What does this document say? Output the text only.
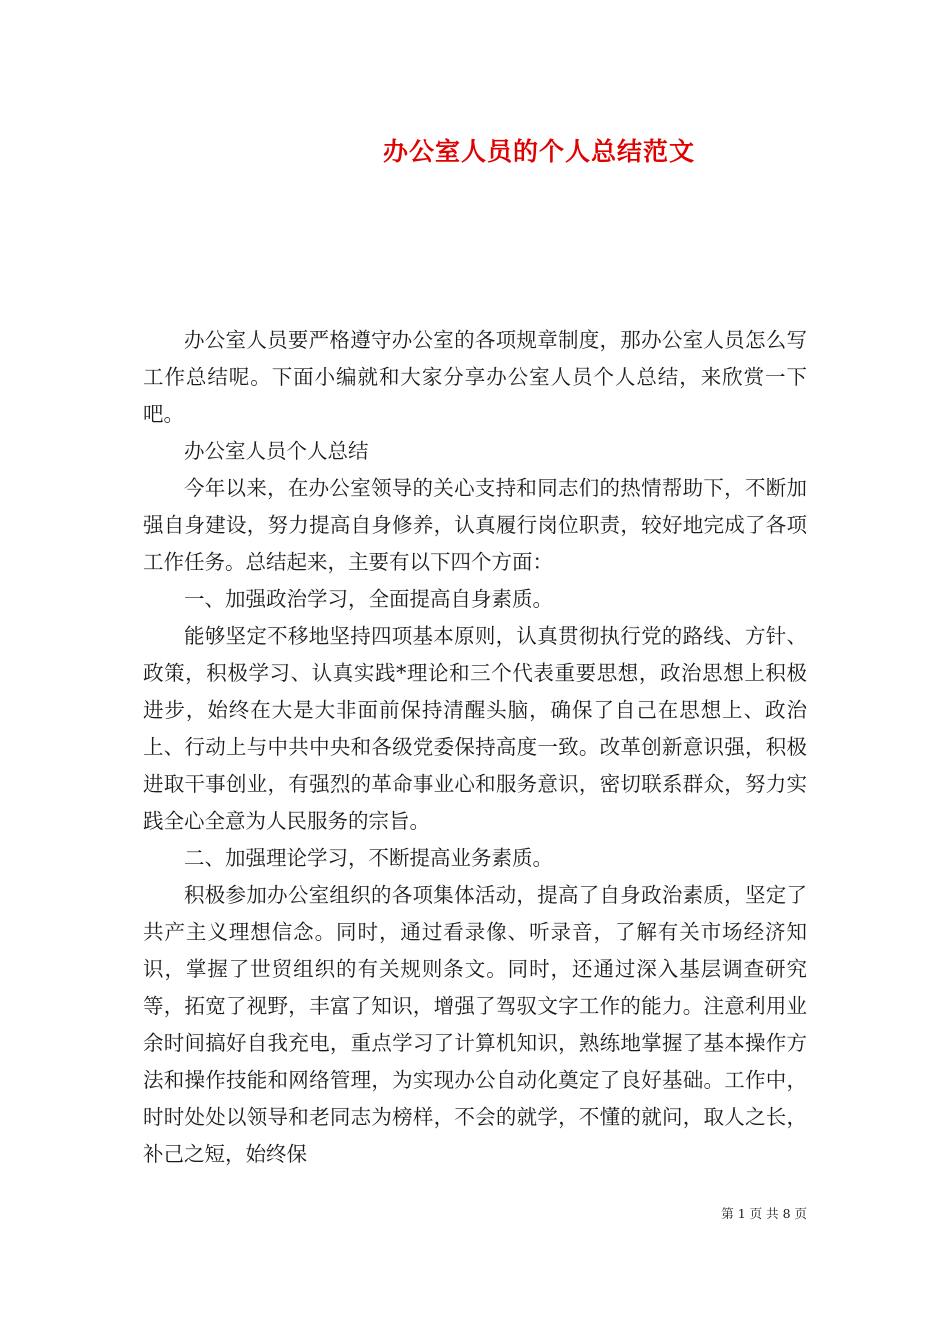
办公室人员的个人总结范文

办公室人员要严格遵守办公室的各项规章制度，那办公室人员怎么写工作总结呢。下面小编就和大家分享办公室人员个人总结，来欣赏一下吧。

办公室人员个人总结

今年以来，在办公室领导的关心支持和同志们的热情帮助下，不断加强自身建设，努力提高自身修养，认真履行岗位职责，较好地完成了各项工作任务。总结起来，主要有以下四个方面：

一、加强政治学习，全面提高自身素质。

能够坚定不移地坚持四项基本原则，认真贯彻执行党的路线、方针、政策，积极学习、认真实践*理论和三个代表重要思想，政治思想上积极进步，始终在大是大非面前保持清醒头脑，确保了自己在思想上、政治上、行动上与中共中央和各级党委保持高度一致。改革创新意识强，积极进取干事创业，有强烈的革命事业心和服务意识，密切联系群众，努力实践全心全意为人民服务的宗旨。

二、加强理论学习，不断提高业务素质。

积极参加办公室组织的各项集体活动，提高了自身政治素质，坚定了共产主义理想信念。同时，通过看录像、听录音，了解有关市场经济知识，掌握了世贸组织的有关规则条文。同时，还通过深入基层调查研究等，拓宽了视野，丰富了知识，增强了驾驭文字工作的能力。注意利用业余时间搞好自我充电，重点学习了计算机知识，熟练地掌握了基本操作方法和操作技能和网络管理，为实现办公自动化奠定了良好基础。工作中，时时处处以领导和老同志为榜样，不会的就学，不懂的就问，取人之长，补己之短，始终保

第 1 页 共 8 页
